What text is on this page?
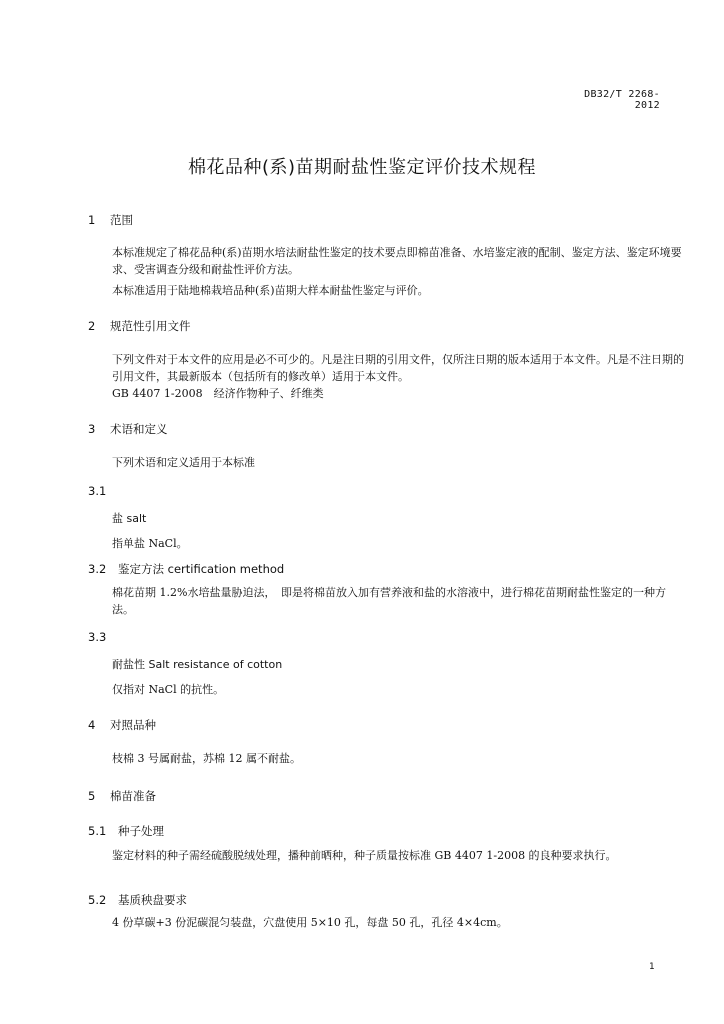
DB32/T 2268-2012
棉花品种(系)苗期耐盐性鉴定评价技术规程
1 范围
本标准规定了棉花品种(系)苗期水培法耐盐性鉴定的技术要点即棉苗准备、水培鉴定液的配制、鉴定方法、鉴定环境要求、受害调查分级和耐盐性评价方法。
本标准适用于陆地棉栽培品种(系)苗期大样本耐盐性鉴定与评价。
2 规范性引用文件
下列文件对于本文件的应用是必不可少的。凡是注日期的引用文件，仅所注日期的版本适用于本文件。凡是不注日期的引用文件，其最新版本（包括所有的修改单）适用于本文件。
GB 4407 1-2008　经济作物种子、纤维类
3 术语和定义
下列术语和定义适用于本标准
3.1
盐 salt
指单盐 NaCl。
3.2 鉴定方法 certification method
棉花苗期 1.2%水培盐量胁迫法，　即是将棉苗放入加有营养液和盐的水溶液中，进行棉花苗期耐盐性鉴定的一种方法。
3.3
耐盐性 Salt resistance of cotton
仅指对 NaCl 的抗性。
4 对照品种
枝棉 3 号属耐盐，苏棉 12 属不耐盐。
5 棉苗准备
5.1 种子处理
鉴定材料的种子需经硫酸脱绒处理，播种前晒种，种子质量按标准 GB 4407 1-2008 的良种要求执行。
5.2 基质秧盘要求
4 份草碳+3 份泥碳混匀装盘，穴盘使用 5×10 孔，每盘 50 孔，孔径 4×4cm。
1
